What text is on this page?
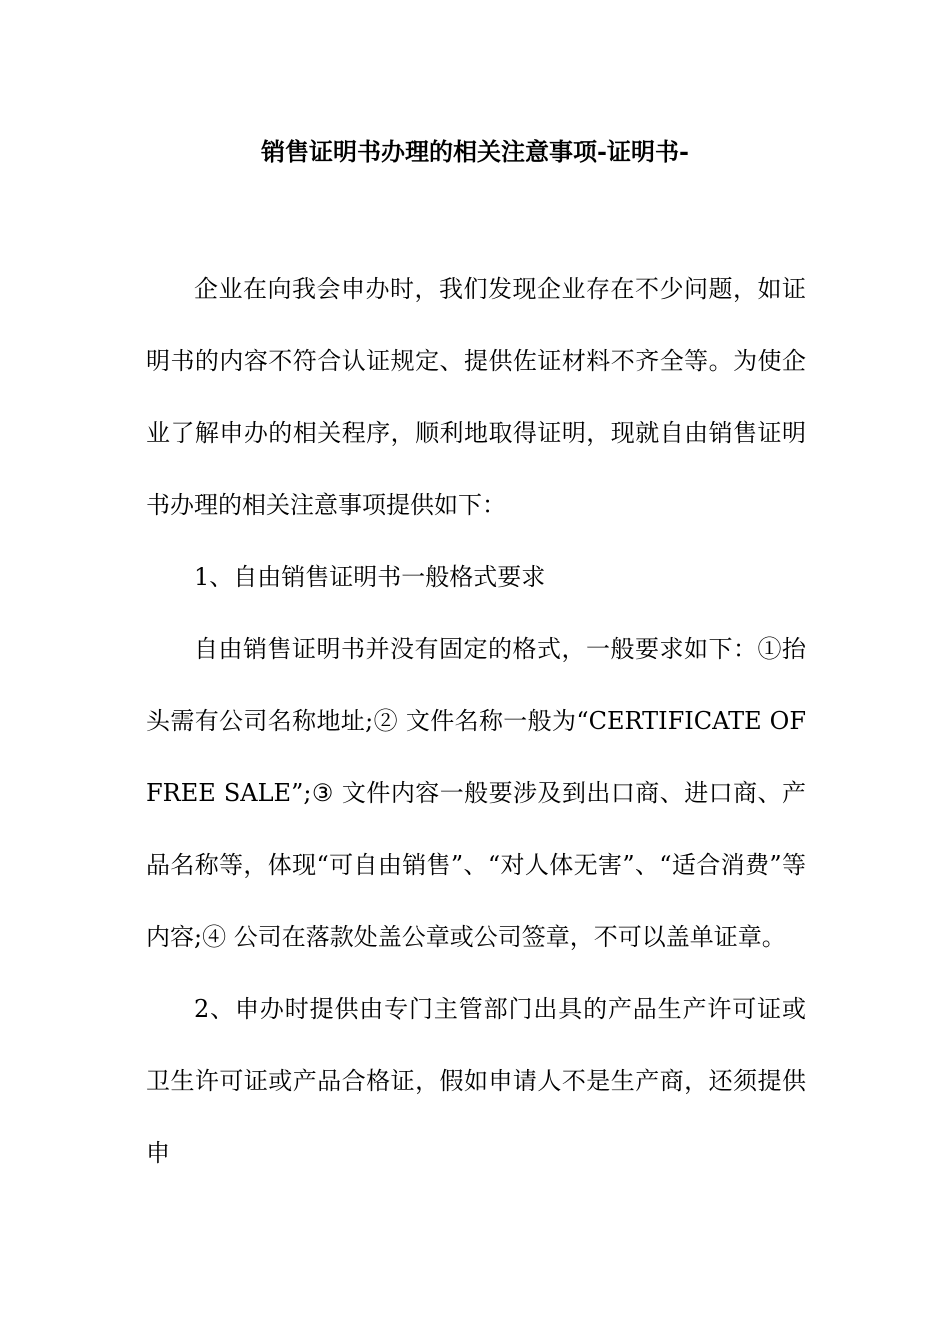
销售证明书办理的相关注意事项-证明书-

企业在向我会申办时，我们发现企业存在不少问题，如证明书的内容不符合认证规定、提供佐证材料不齐全等。为使企业了解申办的相关程序，顺利地取得证明，现就自由销售证明书办理的相关注意事项提供如下：

1、自由销售证明书一般格式要求

自由销售证明书并没有固定的格式，一般要求如下：①抬头需有公司名称地址;② 文件名称一般为“CERTIFICATE OF FREE SALE”;③ 文件内容一般要涉及到出口商、进口商、产品名称等，体现“可自由销售”、“对人体无害”、“适合消费”等内容;④ 公司在落款处盖公章或公司签章，不可以盖单证章。

2、申办时提供由专门主管部门出具的产品生产许可证或卫生许可证或产品合格证，假如申请人不是生产商，还须提供申
